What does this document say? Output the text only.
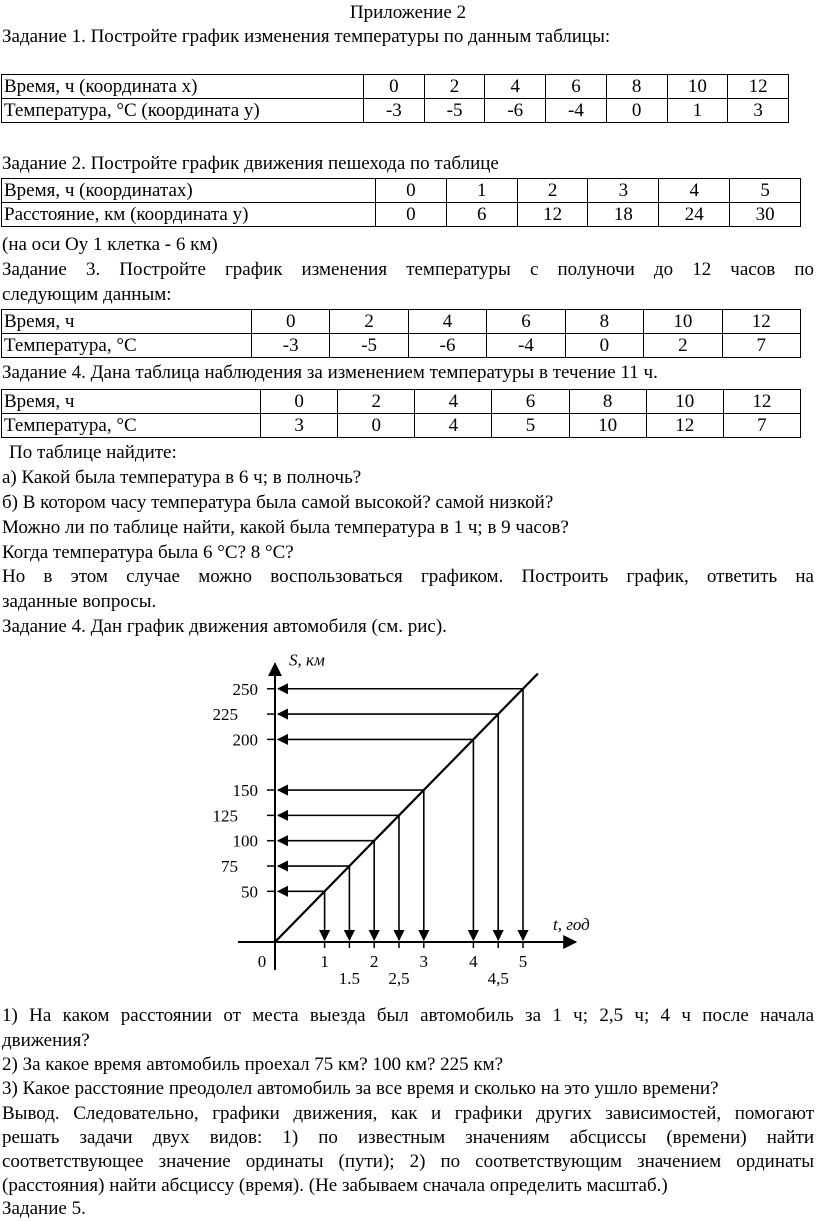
Приложение 2
Задание 1. Постройте график изменения температуры по данным таблицы:
Время, ч (координата х)	0	2	4	6	8	10	12
Температура, °С (координата у)	-3	-5	-6	-4	0	1	3
Задание 2. Постройте график движения пешехода по таблице
Время, ч (координатах)	0	1	2	3	4	5
Расстояние, км (координата у)	0	6	12	18	24	30
(на оси Оу 1 клетка - 6 км)
Задание 3. Постройте график изменения температуры с полуночи до 12 часов по
следующим данным:
Время, ч	0	2	4	6	8	10	12
Температура, °С	-3	-5	-6	-4	0	2	7
Задание 4. Дана таблица наблюдения за изменением температуры в течение 11 ч.
Время, ч	0	2	4	6	8	10	12
Температура, °С	3	0	4	5	10	12	7
По таблице найдите:
а) Какой была температура в 6 ч; в полночь?
б) В котором часу температура была самой высокой? самой низкой?
Можно ли по таблице найти, какой была температура в 1 ч; в 9 часов?
Когда температура была 6 °С? 8 °С?
Но в этом случае можно воспользоваться графиком. Построить график, ответить на
заданные вопросы.
Задание 4. Дан график движения автомобиля (см. рис).
50
75
100
125
150
200
225
250
1
1.5
2
2,5
3 4
4,5
5
0
S, км
t, год
1) На каком расстоянии от места выезда был автомобиль за 1 ч; 2,5 ч; 4 ч после начала
движения?
2) За какое время автомобиль проехал 75 км? 100 км? 225 км?
3) Какое расстояние преодолел автомобиль за все время и сколько на это ушло времени?
Вывод. Следовательно, графики движения, как и графики других зависимостей, помогают
решать задачи двух видов: 1) по известным значениям абсциссы (времени) найти
соответствующее значение ординаты (пути); 2) по соответствующим значением ординаты
(расстояния) найти абсциссу (время). (Не забываем сначала определить масштаб.)
Задание 5.
